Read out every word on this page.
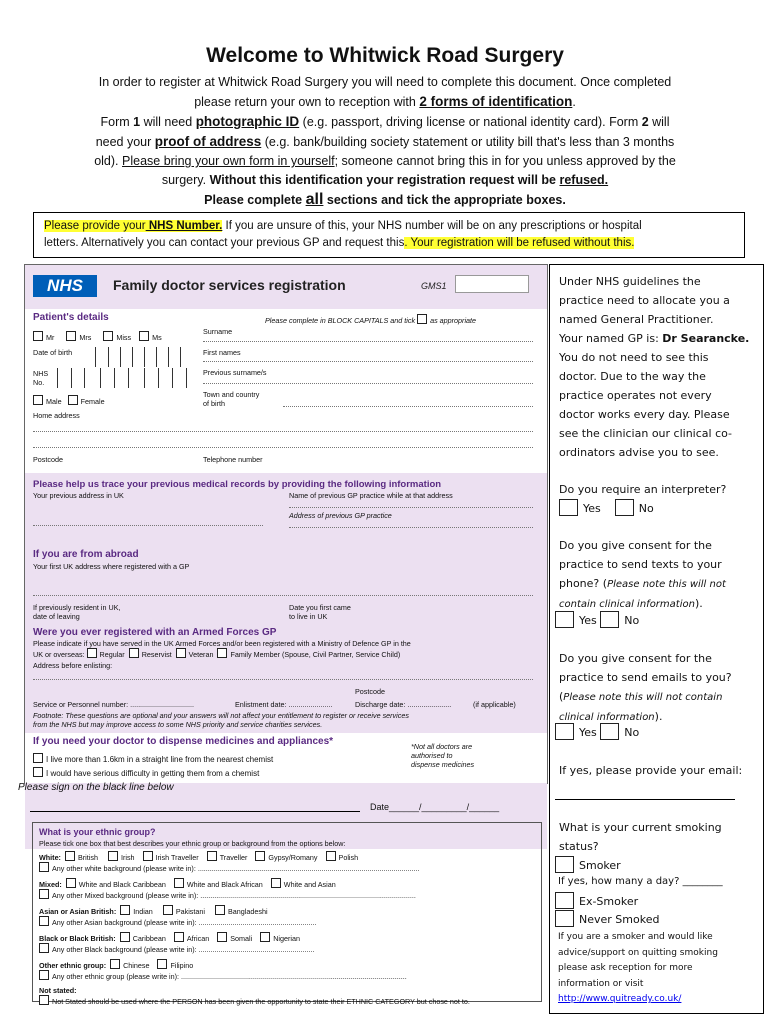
Welcome to Whitwick Road Surgery
In order to register at Whitwick Road Surgery you will need to complete this document. Once completed
please return your own to reception with 2 forms of identification.
Form 1 will need photographic ID (e.g. passport, driving license or national identity card). Form 2 will
need your proof of address (e.g. bank/building society statement or utility bill that's less than 3 months
old). Please bring your own form in yourself; someone cannot bring this in for you unless approved by the
surgery. Without this identification your registration request will be refused.
Please complete all sections and tick the appropriate boxes.
Please provide your NHS Number. If you are unsure of this, your NHS number will be on any prescriptions or hospital
letters. Alternatively you can contact your previous GP and request this. Your registration will be refused without this.
NHS	Family doctor services registration	GMS1
Patient's details	Please complete in BLOCK CAPITALS and tick as appropriate
Mr	Mrs	Miss	Ms
Surname
Date of birth	First names
NHS
No.
Previous surname/s
Male	Female
Town and country
of birth
Home address
Postcode	Telephone number
Please help us trace your previous medical records by providing the following information
Your previous address in UK	Name of previous GP practice while at that address
Address of previous GP practice
If you are from abroad
Your first UK address where registered with a GP
If previously resident in UK,
date of leaving
Date you first came
to live in UK
Were you ever registered with an Armed Forces GP
Please indicate if you have served in the UK Armed Forces and/or been registered with a Ministry of Defence GP in the
UK or overseas: Regular Reservist Veteran Family Member (Spouse, Civil Partner, Service Child)
Address before enlisting:
Postcode
Service or Personnel number: ................................	Enlistment date: ......................	Discharge date: ......................	(if applicable)
Footnote: These questions are optional and your answers will not affect your entitlement to register or receive services
from the NHS but may improve access to some NHS priority and service charities services.
If you need your doctor to dispense medicines and appliances*
I live more than 1.6km in a straight line from the nearest chemist
I would have serious difficulty in getting them from a chemist
*Not all doctors are
authorised to
dispense medicines
Please sign on the black line below
Date______/_________/______
What is your ethnic group?
Please tick one box that best describes your ethnic group or background from the options below:
White: British	Irish	Irish Traveller	Traveller	Gypsy/Romany	Polish
Any other white background (please write in): ...............................................................................................................
Mixed: White and Black Caribbean	White and Black African	White and Asian
Any other Mixed background (please write in): ............................................................................................................
Asian or Asian British: Indian	Pakistani	Bangladeshi
Any other Asian background (please write in): ...........................................................
Black or Black British: Caribbean	African	Somali	Nigerian
Any other Black background (please write in): ..........................................................
Other ethnic group: Chinese	Filipino
Any other ethnic group (please write in): .................................................................................................................
Not stated:
Not Stated should be used where the PERSON has been given the opportunity to state their ETHNIC CATEGORY but chose not to.
Under NHS guidelines the
practice need to allocate you a
named General Practitioner.
Your named GP is: Dr Searancke.
You do not need to see this
doctor. Due to the way the
practice operates not every
doctor works every day. Please
see the clinician our clinical co-
ordinators advise you to see.
Do you require an interpreter?
Yes	No
Do you give consent for the
practice to send texts to your
phone? (Please note this will not
contain clinical information).
Yes	No
Do you give consent for the
practice to send emails to you?
(Please note this will not contain
clinical information).
Yes	No
If yes, please provide your email:
What is your current smoking
status?
Smoker
If yes, how many a day? ________
Ex-Smoker
Never Smoked
If you are a smoker and would like
advice/support on quitting smoking
please ask reception for more
information or visit
http://www.quitready.co.uk/
